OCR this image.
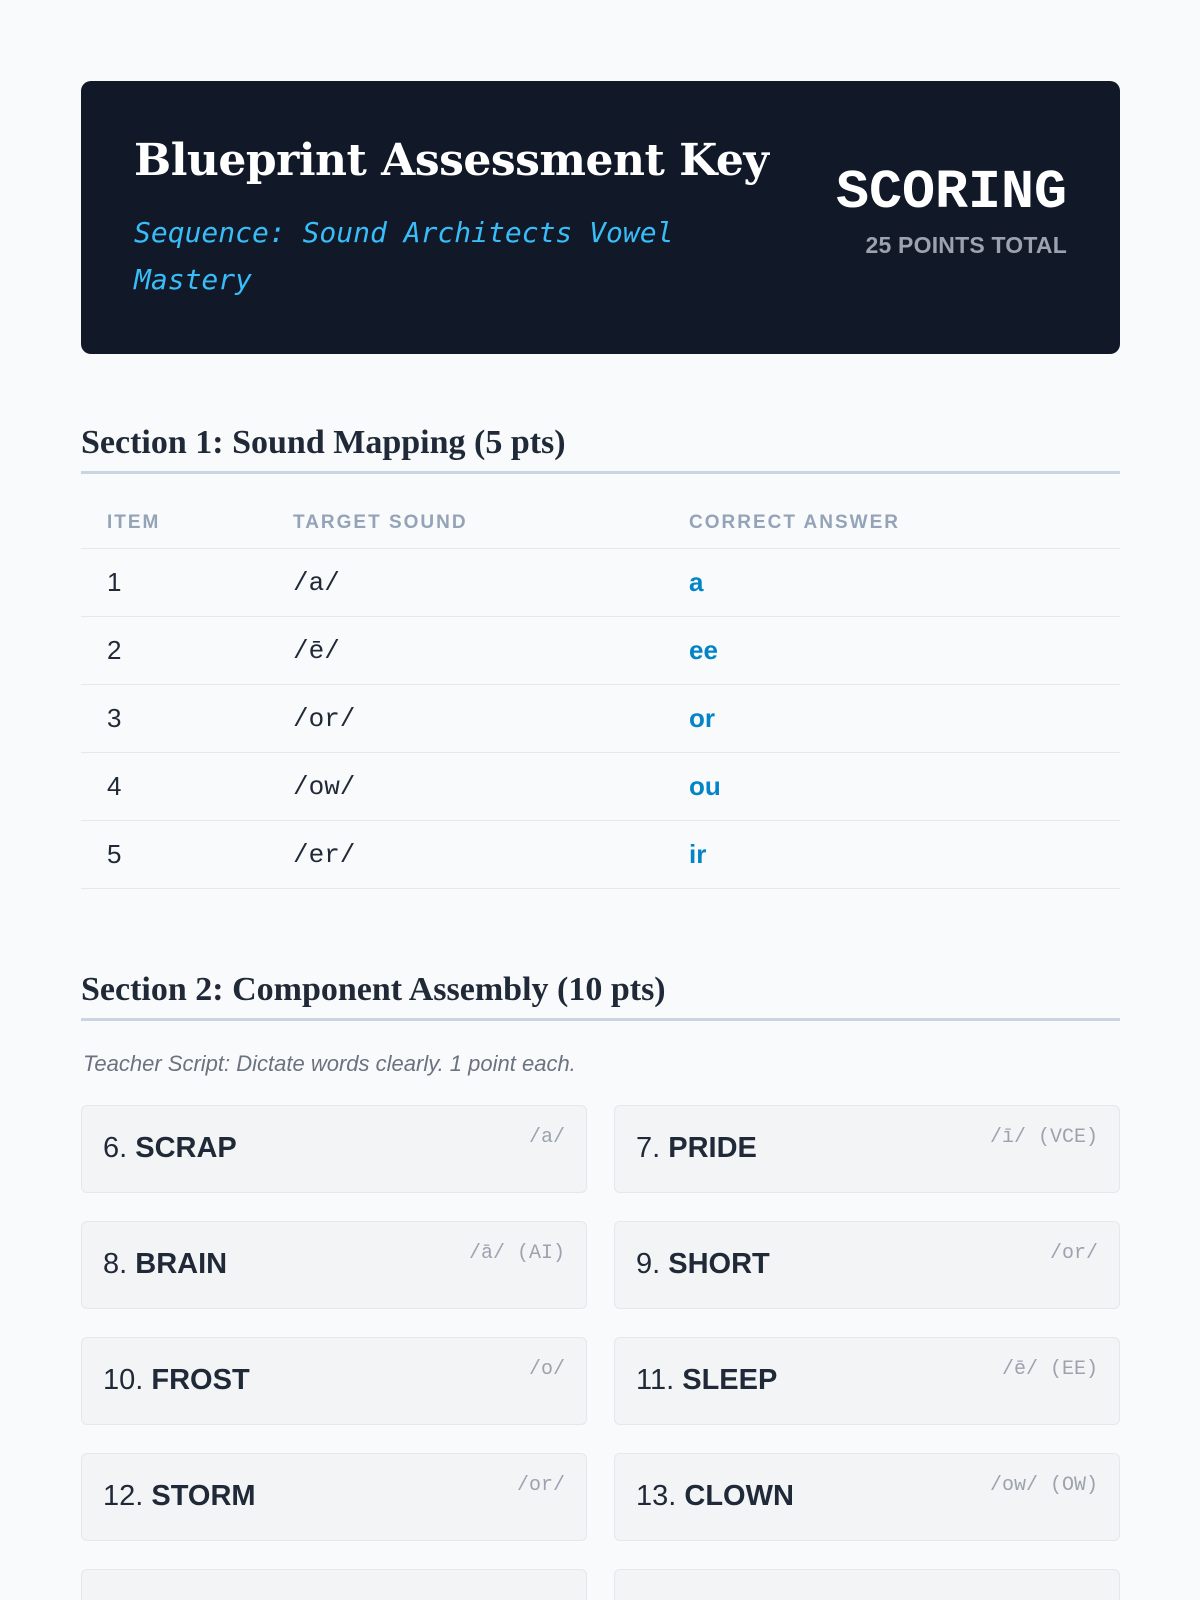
Blueprint Assessment Key
Sequence: Sound Architects Vowel Mastery
SCORING
25 POINTS TOTAL
Section 1: Sound Mapping (5 pts)
ITEM	TARGET SOUND	CORRECT ANSWER
1	/a/	a
2	/ē/	ee
3	/or/	or
4	/ow/	ou
5	/er/	ir
Section 2: Component Assembly (10 pts)
Teacher Script: Dictate words clearly. 1 point each.
6. SCRAP	/a/ 7. PRIDE	/ī/ (VCE)
8. BRAIN	/ā/ (AI) 9. SHORT	/or/
10. FROST	/o/ 11. SLEEP	/ē/ (EE)
12. STORM	/or/ 13. CLOWN	/ow/ (OW)
